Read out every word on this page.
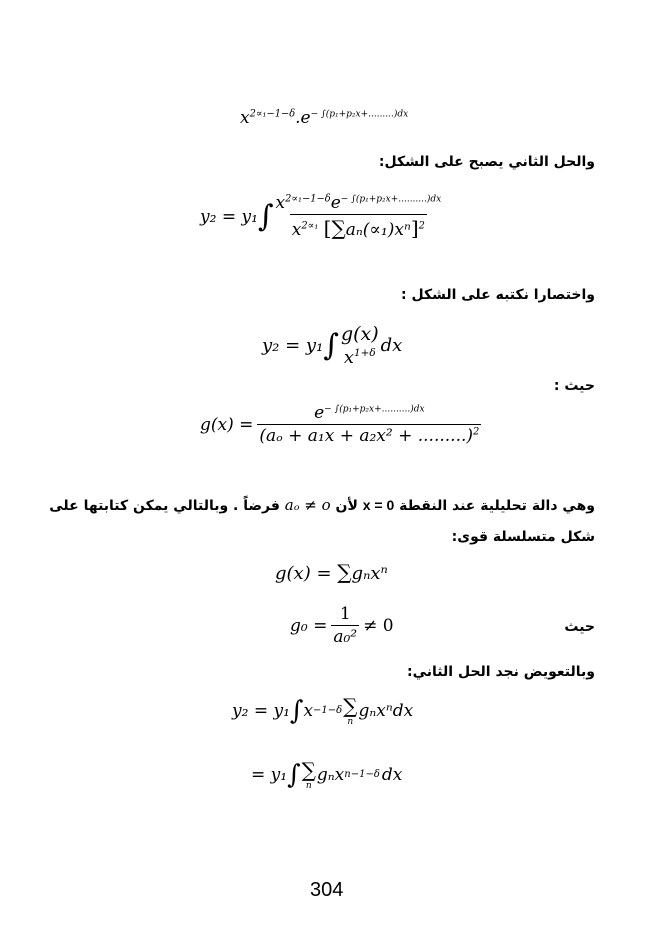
$x^{2\propto_1-1-\delta}.e^{- \int(p_1+p_2x+.........)dx}$
والحل الثاني يصبح على الشكل:
y₂ = y₁ ∫ $\frac{x^{2\propto_1-1-\delta}e^{- \int(p_1+p_2x+..........)dx}}{x^{2\propto_1} [\sum a_n(\propto_1)x^n]^2}$
واختصارا نكتبه على الشكل :
y₂ = y₁ ∫ g(x)
$x^{1+\delta}$ dx
حيث :
$g(x) = \frac{e^{- \int(p_1+p_2x+..........)dx}}{(a_o + a_1x + a_2x^2 + .........)^2}$
وهي دالة تحليلية عند النقطة x = 0 لأن aₒ ≠ o فرضاً . وبالتالي يمكن كتابتها على
شكل متسلسلة قوى:
g(x) = ∑gₙxⁿ
$g_0 = \frac{1}{\text{a₀²}} \ne 0$	حيث
وبالتعويض نجد الحل الثاني:
y₂ = y₁ ∫ x −1−δ ∑
n
gₙxⁿdx
= y₁ ∫ ∑
n
gₙx n−1−δ dx
304
